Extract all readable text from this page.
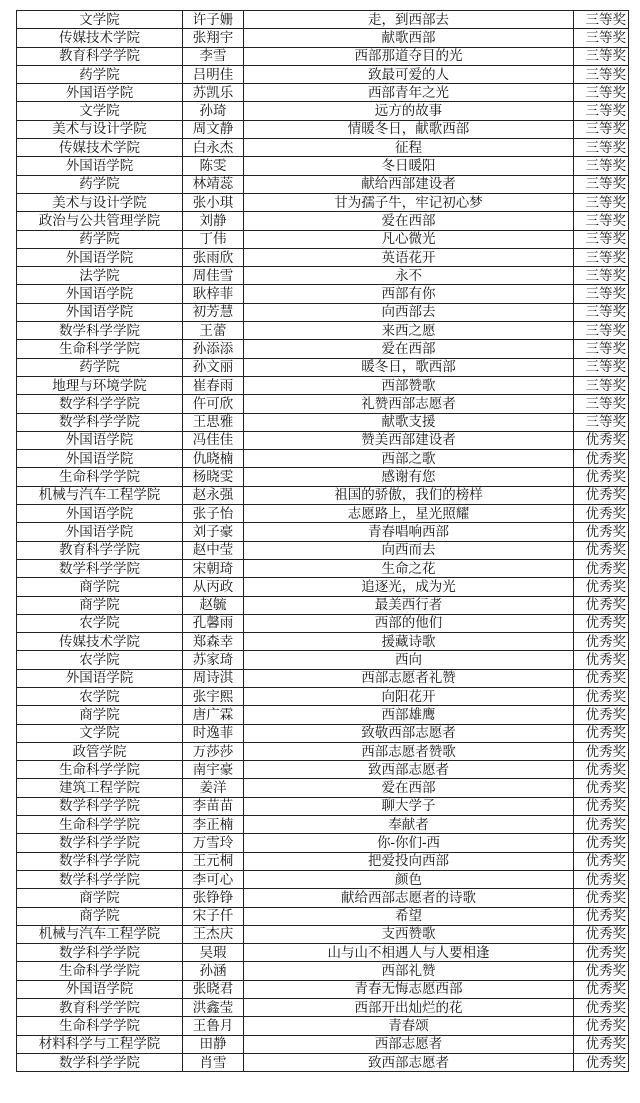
文学院	许子姗	走，到西部去	三等奖
传媒技术学院	张翔宇	献歌西部	三等奖
教育科学学院	李雪	西部那道夺目的光	三等奖
药学院	吕明佳	致最可爱的人	三等奖
外国语学院	苏凯乐	西部青年之光	三等奖
文学院	孙琦	远方的故事	三等奖
美术与设计学院	周文静	情暖冬日，献歌西部	三等奖
传媒技术学院	白永杰	征程	三等奖
外国语学院	陈雯	冬日暖阳	三等奖
药学院	林靖蕊	献给西部建设者	三等奖
美术与设计学院	张小琪	甘为孺子牛，牢记初心梦	三等奖
政治与公共管理学院	刘静	爱在西部	三等奖
药学院	丁伟	凡心微光	三等奖
外国语学院	张雨欣	英语花开	三等奖
法学院	周佳雪	永不	三等奖
外国语学院	耿梓菲	西部有你	三等奖
外国语学院	初芳慧	向西部去	三等奖
数学科学学院	王蕾	来西之愿	三等奖
生命科学学院	孙添添	爱在西部	三等奖
药学院	孙文丽	暖冬日，歌西部	三等奖
地理与环境学院	崔春雨	西部赞歌	三等奖
数学科学学院	仵可欣	礼赞西部志愿者	三等奖
数学科学学院	王思雅	献歌支援	三等奖
外国语学院	冯佳佳	赞美西部建设者	优秀奖
外国语学院	仇晓楠	西部之歌	优秀奖
生命科学学院	杨晓雯	感谢有您	优秀奖
机械与汽车工程学院	赵永强	祖国的骄傲，我们的榜样	优秀奖
外国语学院	张子怡	志愿路上，星光照耀	优秀奖
外国语学院	刘子豪	青春唱响西部	优秀奖
教育科学学院	赵中莹	向西而去	优秀奖
数学科学学院	宋朝琦	生命之花	优秀奖
商学院	从丙政	追逐光，成为光	优秀奖
商学院	赵毓	最美西行者	优秀奖
农学院	孔馨雨	西部的他们	优秀奖
传媒技术学院	郑森幸	援藏诗歌	优秀奖
农学院	苏家琦	西向	优秀奖
外国语学院	周诗淇	西部志愿者礼赞	优秀奖
农学院	张宇熙	向阳花开	优秀奖
商学院	唐广霖	西部雄鹰	优秀奖
文学院	时逸菲	致敬西部志愿者	优秀奖
政管学院	万莎莎	西部志愿者赞歌	优秀奖
生命科学学院	南宇豪	致西部志愿者	优秀奖
建筑工程学院	姜洋	爱在西部	优秀奖
数学科学学院	李苗苗	聊大学子	优秀奖
生命科学学院	李正楠	奉献者	优秀奖
数学科学学院	万雪玲	你-你们-西	优秀奖
数学科学学院	王元桐	把爱投向西部	优秀奖
数学科学学院	李可心	颜色	优秀奖
商学院	张铮铮	献给西部志愿者的诗歌	优秀奖
商学院	宋子仟	希望	优秀奖
机械与汽车工程学院	王杰庆	支西赞歌	优秀奖
数学科学学院	吴瑕	山与山不相遇人与人要相逢	优秀奖
生命科学学院	孙涵	西部礼赞	优秀奖
外国语学院	张晓君	青春无悔志愿西部	优秀奖
教育科学学院	洪鑫莹	西部开出灿烂的花	优秀奖
生命科学学院	王鲁月	青春颂	优秀奖
材料科学与工程学院	田静	西部志愿者	优秀奖
数学科学学院	肖雪	致西部志愿者	优秀奖
